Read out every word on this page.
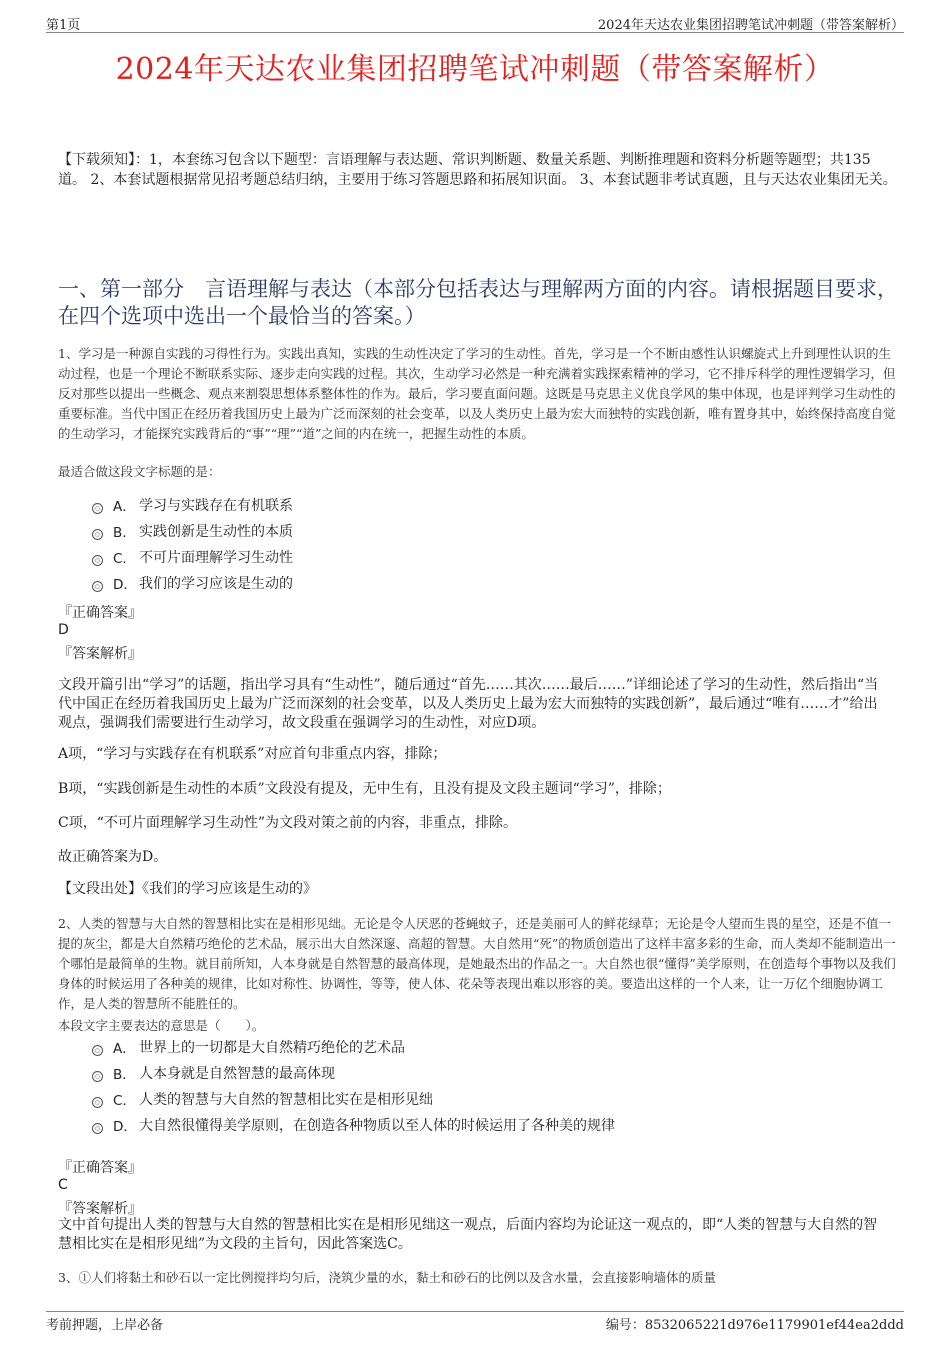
第1页	2024年天达农业集团招聘笔试冲刺题（带答案解析）
2024年天达农业集团招聘笔试冲刺题（带答案解析）
【下载须知】：1，本套练习包含以下题型：言语理解与表达题、常识判断题、数量关系题、判断推理题和资料分析题等题型；共135道。 2、本套试题根据常见招考题总结归纳，主要用于练习答题思路和拓展知识面。 3、本套试题非考试真题，且与天达农业集团无关。
一、第一部分　言语理解与表达（本部分包括表达与理解两方面的内容。请根据题目要求，在四个选项中选出一个最恰当的答案。）
1、学习是一种源自实践的习得性行为。实践出真知，实践的生动性决定了学习的生动性。首先，学习是一个不断由感性认识螺旋式上升到理性认识的生动过程，也是一个理论不断联系实际、逐步走向实践的过程。其次，生动学习必然是一种充满着实践探索精神的学习，它不排斥科学的理性逻辑学习，但反对那些以提出一些概念、观点来割裂思想体系整体性的作为。最后，学习要直面问题。这既是马克思主义优良学风的集中体现，也是评判学习生动性的重要标准。当代中国正在经历着我国历史上最为广泛而深刻的社会变革，以及人类历史上最为宏大而独特的实践创新，唯有置身其中，始终保持高度自觉的生动学习，才能探究实践背后的“事”“理”“道”之间的内在统一，把握生动性的本质。
最适合做这段文字标题的是：
A． 学习与实践存在有机联系
B． 实践创新是生动性的本质
C． 不可片面理解学习生动性
D． 我们的学习应该是生动的
『正确答案』
D
『答案解析』
文段开篇引出“学习”的话题，指出学习具有“生动性”，随后通过“首先……其次……最后……”详细论述了学习的生动性，然后指出“当代中国正在经历着我国历史上最为广泛而深刻的社会变革，以及人类历史上最为宏大而独特的实践创新”，最后通过“唯有……才”给出观点，强调我们需要进行生动学习，故文段重在强调学习的生动性，对应D项。
A项，“学习与实践存在有机联系”对应首句非重点内容，排除；
B项，“实践创新是生动性的本质”文段没有提及，无中生有，且没有提及文段主题词“学习”，排除；
C项，“不可片面理解学习生动性”为文段对策之前的内容，非重点，排除。
故正确答案为D。
【文段出处】《我们的学习应该是生动的》
2、人类的智慧与大自然的智慧相比实在是相形见绌。无论是令人厌恶的苍蝇蚊子，还是美丽可人的鲜花绿草；无论是令人望而生畏的星空，还是不值一提的灰尘，都是大自然精巧绝伦的艺术品，展示出大自然深邃、高超的智慧。大自然用“死”的物质创造出了这样丰富多彩的生命，而人类却不能制造出一个哪怕是最简单的生物。就目前所知，人本身就是自然智慧的最高体现，是她最杰出的作品之一。大自然也很“懂得”美学原则，在创造每个事物以及我们身体的时候运用了各种美的规律，比如对称性、协调性，等等，使人体、花朵等表现出难以形容的美。要造出这样的一个人来，让一万亿个细胞协调工作，是人类的智慧所不能胜任的。
本段文字主要表达的意思是（　　）。
A． 世界上的一切都是大自然精巧绝伦的艺术品
B． 人本身就是自然智慧的最高体现
C． 人类的智慧与大自然的智慧相比实在是相形见绌
D． 大自然很懂得美学原则，在创造各种物质以至人体的时候运用了各种美的规律
『正确答案』
C
『答案解析』
文中首句提出人类的智慧与大自然的智慧相比实在是相形见绌这一观点，后面内容均为论证这一观点的，即“人类的智慧与大自然的智慧相比实在是相形见绌”为文段的主旨句，因此答案选C。
3、①人们将黏土和砂石以一定比例搅拌均匀后，浇筑少量的水，黏土和砂石的比例以及含水量，会直接影响墙体的质量
考前押题，上岸必备	编号：8532065221d976e1179901ef44ea2ddd
